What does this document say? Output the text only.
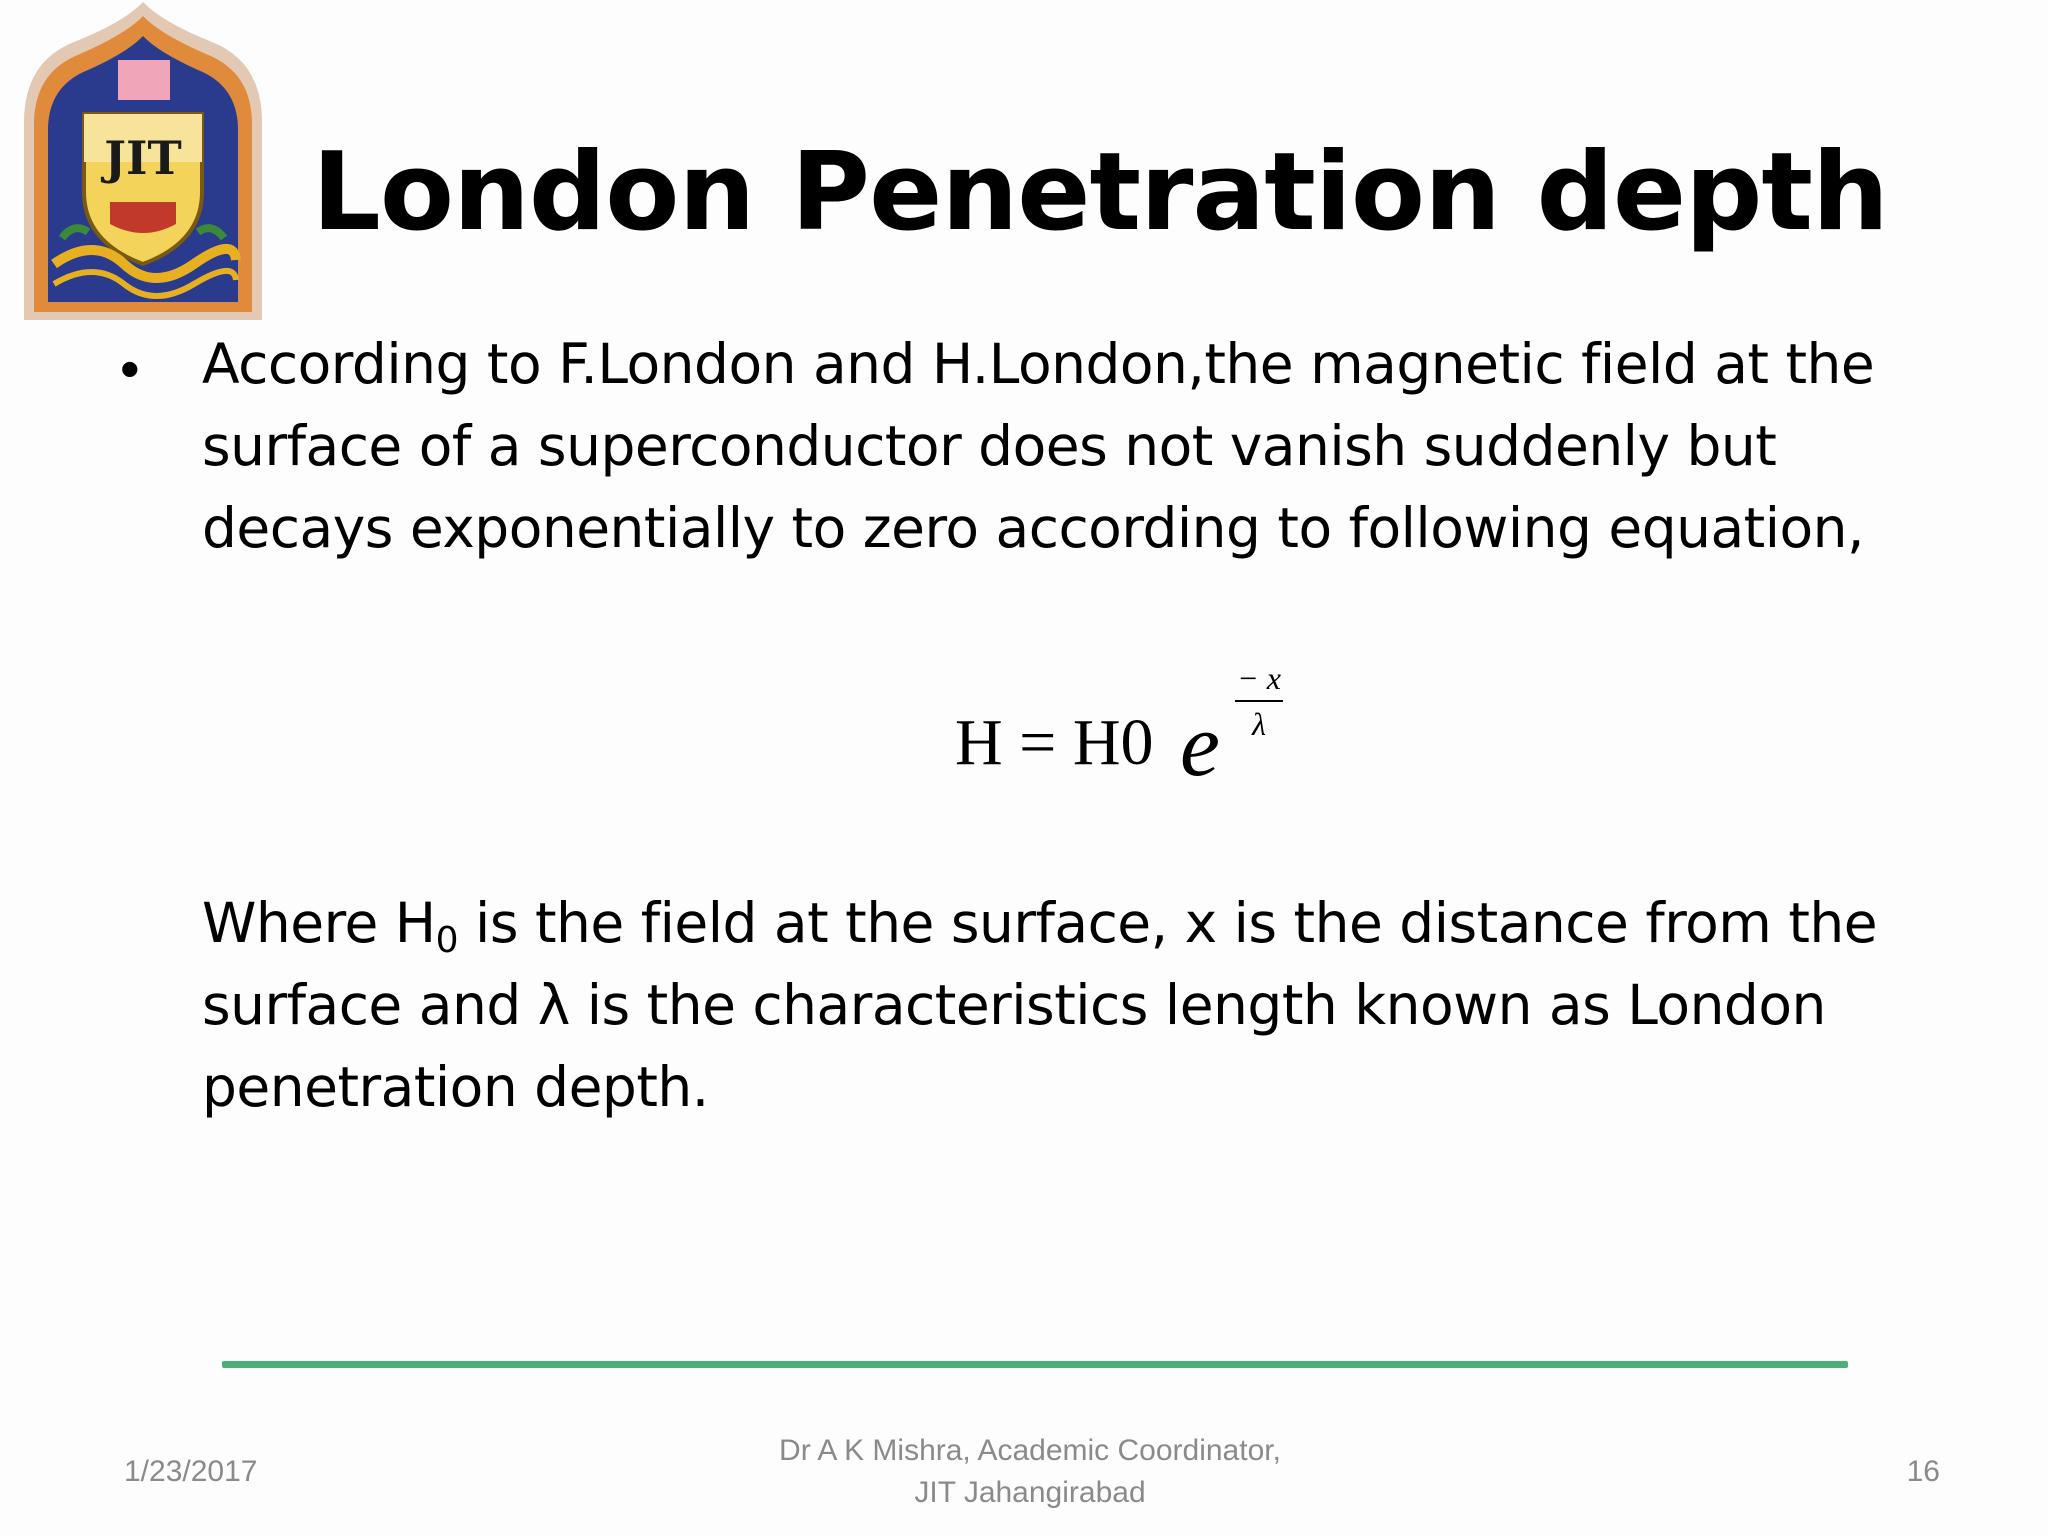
JIT London Penetration depth
• According to F.London and H.London,the magnetic field at the
surface of a superconductor does not vanish suddenly but
decays exponentially to zero according to following equation,
H = H0 e
− x
λ
Where $H_0$ is the field at the surface, x is the distance from the
surface and λ is the characteristics length known as London
penetration depth.
1/23/2017
Dr A K Mishra, Academic Coordinator,
JIT Jahangirabad
16
